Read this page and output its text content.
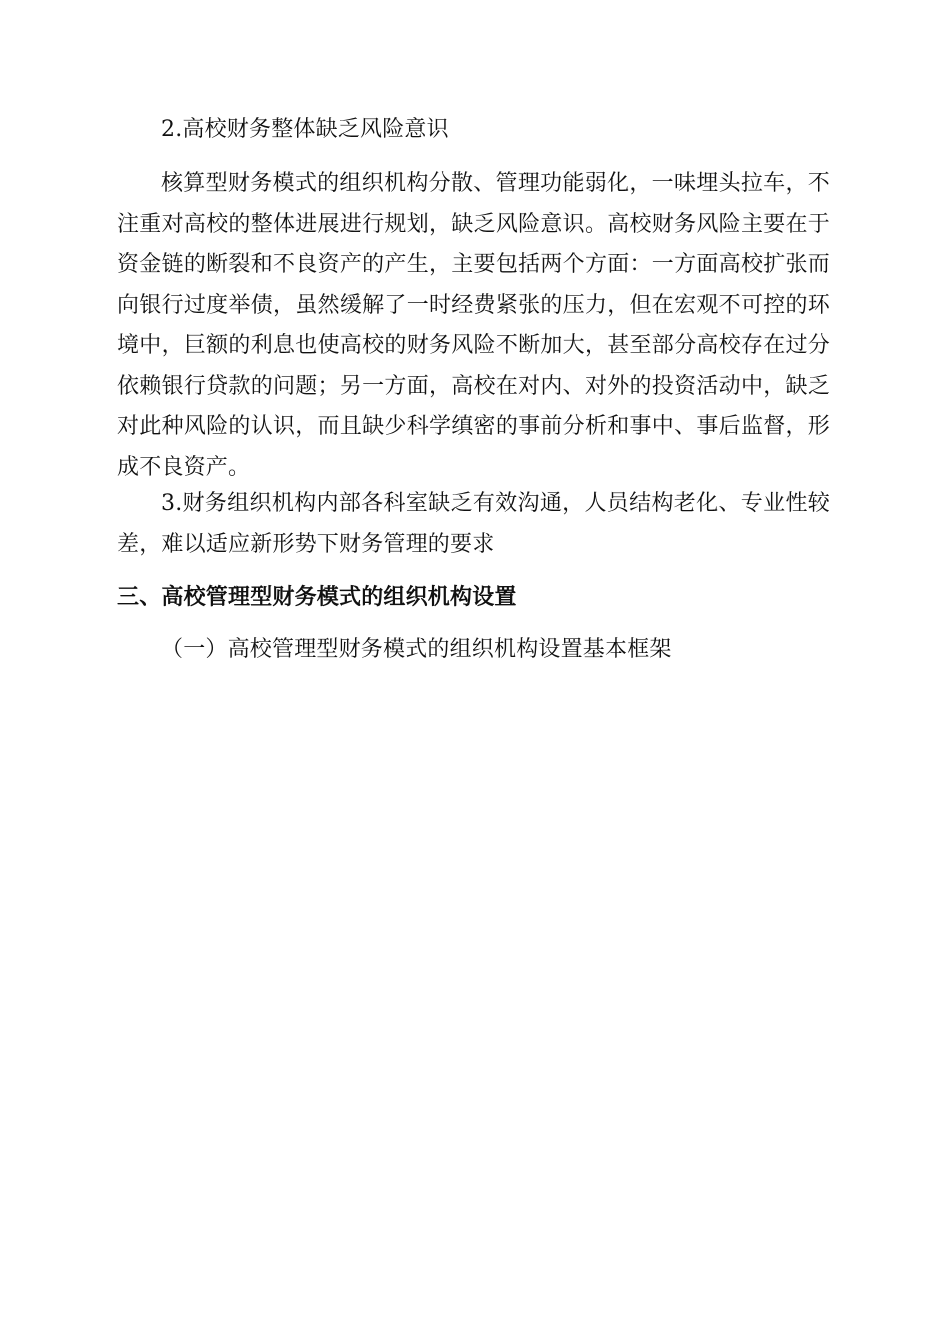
2.高校财务整体缺乏风险意识

核算型财务模式的组织机构分散、管理功能弱化，一味埋头拉车，不注重对高校的整体进展进行规划，缺乏风险意识。高校财务风险主要在于资金链的断裂和不良资产的产生，主要包括两个方面：一方面高校扩张而向银行过度举债，虽然缓解了一时经费紧张的压力，但在宏观不可控的环境中，巨额的利息也使高校的财务风险不断加大，甚至部分高校存在过分依赖银行贷款的问题；另一方面，高校在对内、对外的投资活动中，缺乏对此种风险的认识，而且缺少科学缜密的事前分析和事中、事后监督，形成不良资产。

3.财务组织机构内部各科室缺乏有效沟通，人员结构老化、专业性较差，难以适应新形势下财务管理的要求

三、高校管理型财务模式的组织机构设置

（一）高校管理型财务模式的组织机构设置基本框架
